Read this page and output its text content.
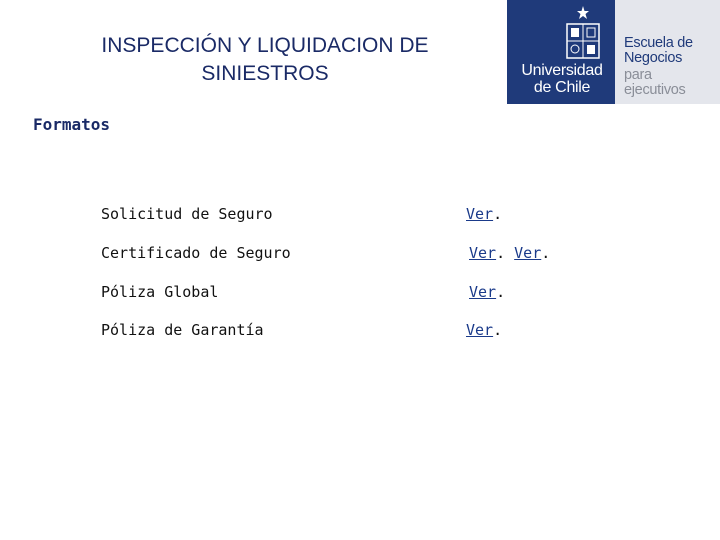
INSPECCIÓN Y LIQUIDACION DE
SINIESTROS	Universidad
de Chile
Escuela de
Negocios
para
ejecutivos
Formatos
Solicitud de Seguro	Ver.
Certificado de Seguro	Ver. Ver.
Póliza Global	Ver.
Póliza de Garantía	Ver.
